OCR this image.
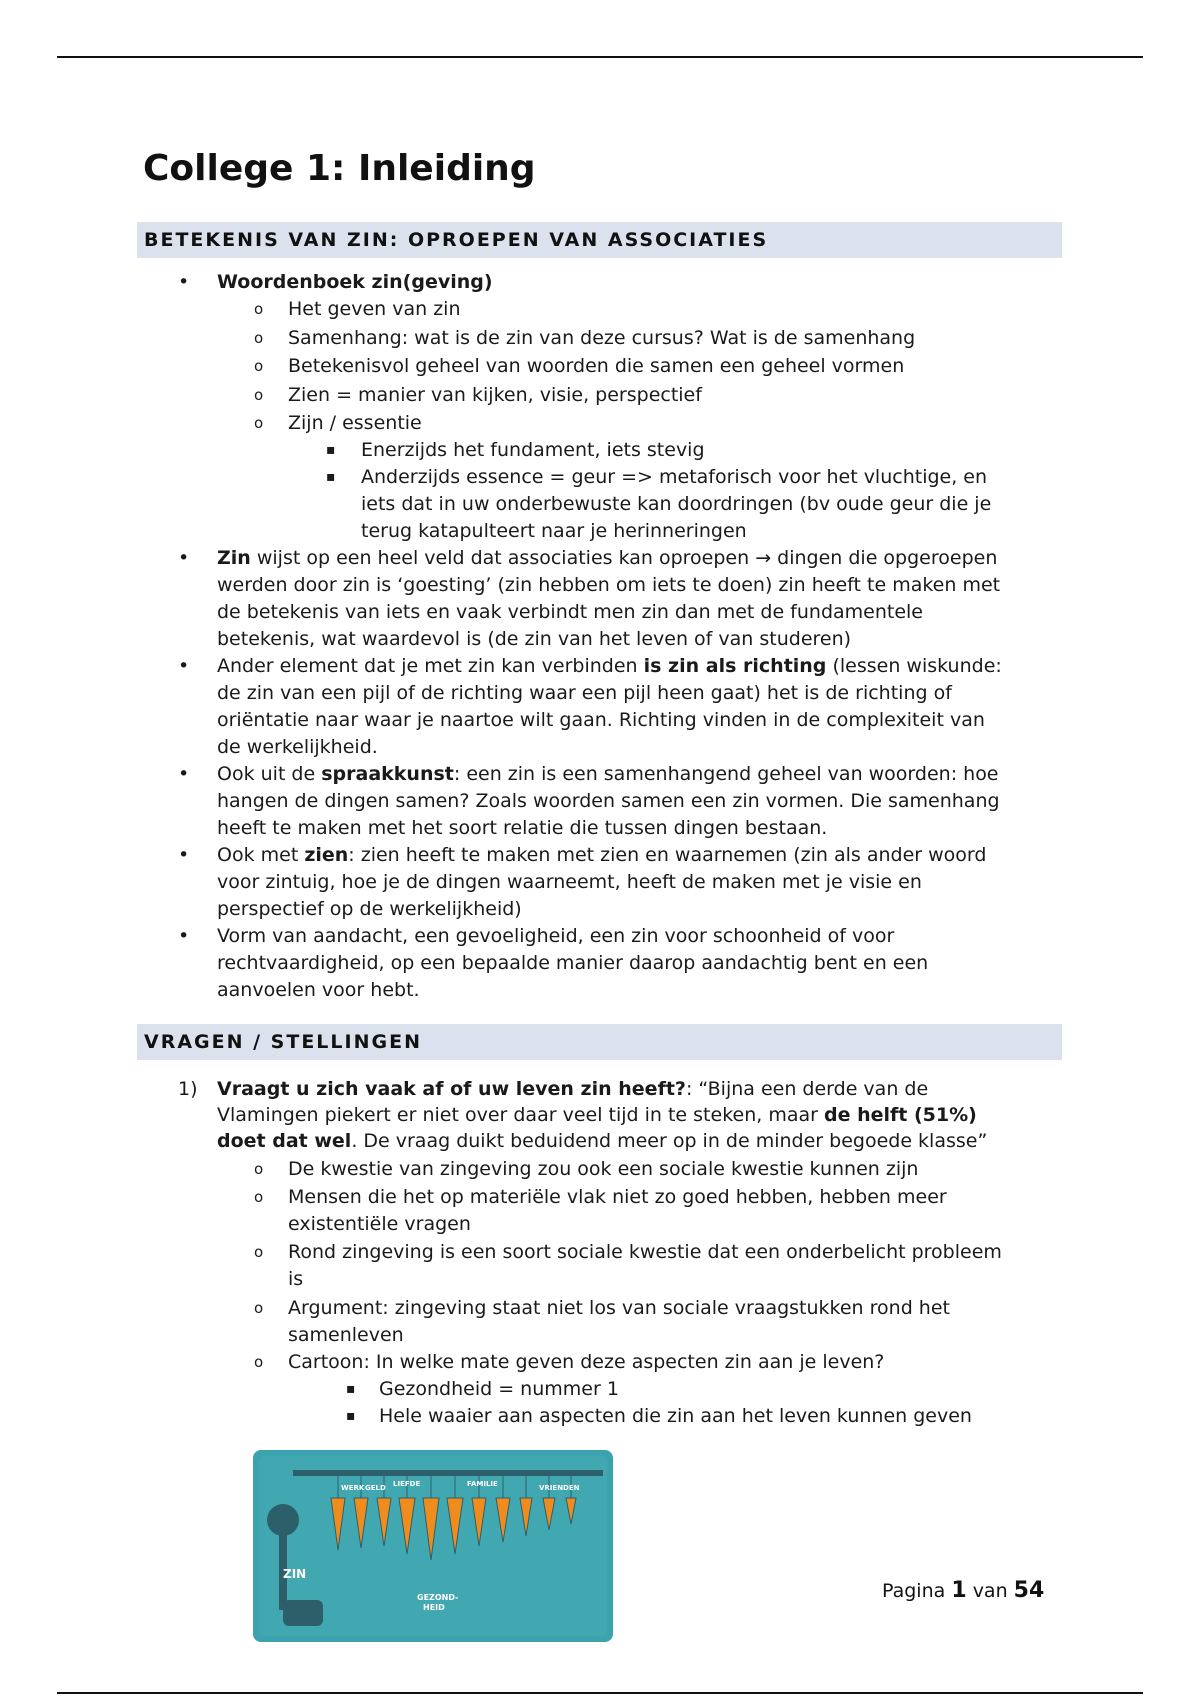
College 1: Inleiding
BETEKENIS VAN ZIN: OPROEPEN VAN ASSOCIATIES
• Woordenboek zin(geving)
o Het geven van zin
o Samenhang: wat is de zin van deze cursus? Wat is de samenhang
o Betekenisvol geheel van woorden die samen een geheel vormen
o Zien = manier van kijken, visie, perspectief
o Zijn / essentie
▪ Enerzijds het fundament, iets stevig
▪ Anderzijds essence = geur => metaforisch voor het vluchtige, en
iets dat in uw onderbewuste kan doordringen (bv oude geur die je
terug katapulteert naar je herinneringen
• Zin wijst op een heel veld dat associaties kan oproepen → dingen die opgeroepen
werden door zin is ‘goesting’ (zin hebben om iets te doen) zin heeft te maken met
de betekenis van iets en vaak verbindt men zin dan met de fundamentele
betekenis, wat waardevol is (de zin van het leven of van studeren)
• Ander element dat je met zin kan verbinden is zin als richting (lessen wiskunde:
de zin van een pijl of de richting waar een pijl heen gaat) het is de richting of
oriëntatie naar waar je naartoe wilt gaan. Richting vinden in de complexiteit van
de werkelijkheid.
• Ook uit de spraakkunst: een zin is een samenhangend geheel van woorden: hoe
hangen de dingen samen? Zoals woorden samen een zin vormen. Die samenhang
heeft te maken met het soort relatie die tussen dingen bestaan.
• Ook met zien: zien heeft te maken met zien en waarnemen (zin als ander woord
voor zintuig, hoe je de dingen waarneemt, heeft de maken met je visie en
perspectief op de werkelijkheid)
• Vorm van aandacht, een gevoeligheid, een zin voor schoonheid of voor
rechtvaardigheid, op een bepaalde manier daarop aandachtig bent en een
aanvoelen voor hebt.
VRAGEN / STELLINGEN
1) Vraagt u zich vaak af of uw leven zin heeft?: “Bijna een derde van de
Vlamingen piekert er niet over daar veel tijd in te steken, maar de helft (51%)
doet dat wel. De vraag duikt beduidend meer op in de minder begoede klasse”
o De kwestie van zingeving zou ook een sociale kwestie kunnen zijn
o Mensen die het op materiële vlak niet zo goed hebben, hebben meer
existentiële vragen
o Rond zingeving is een soort sociale kwestie dat een onderbelicht probleem
is
o Argument: zingeving staat niet los van sociale vraagstukken rond het
samenleven
o Cartoon: In welke mate geven deze aspecten zin aan je leven?
▪ Gezondheid = nummer 1
▪ Hele waaier aan aspecten die zin aan het leven kunnen geven
WERK GELD LIEFDE	FAMILIE	VRIENDEN
ZIN
GEZOND-
HEID
Pagina 1 van 54
